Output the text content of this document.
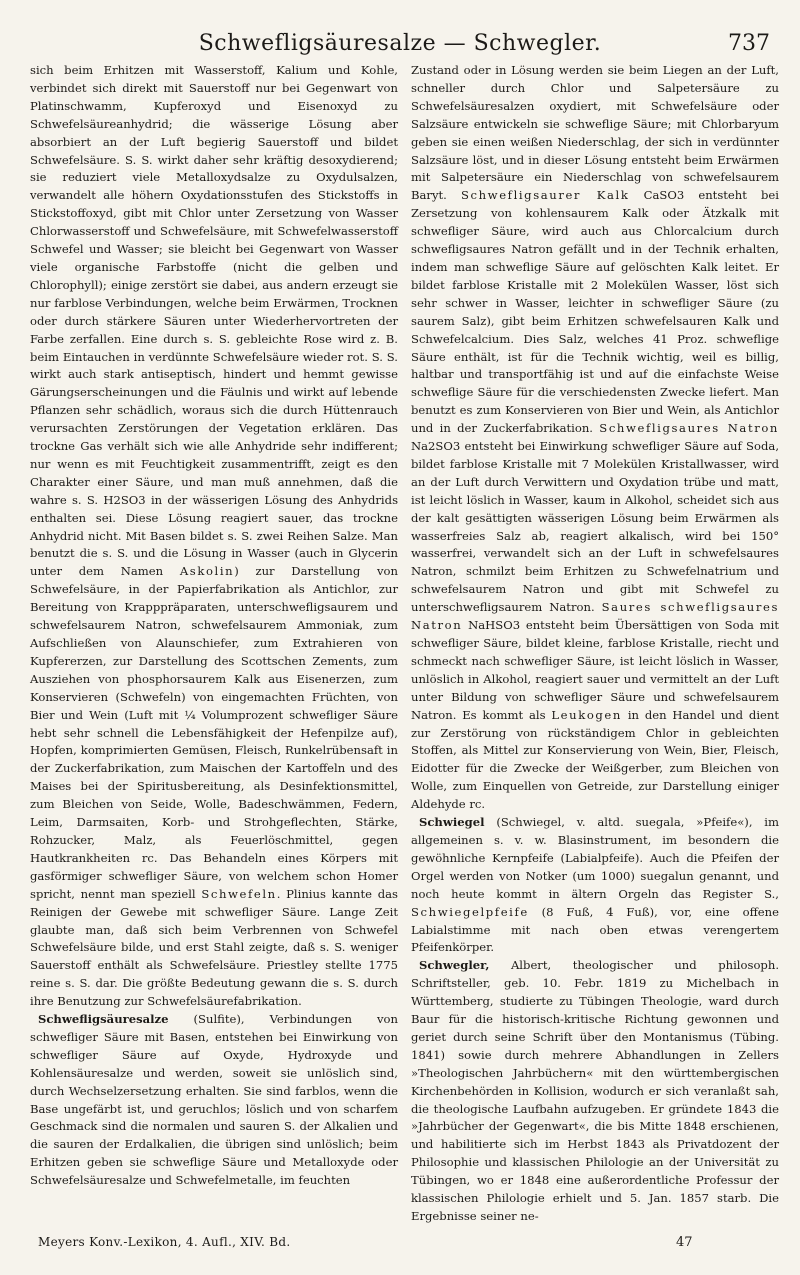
Schwefligsäuresalze — Schwegler.	737

sich beim Erhitzen mit Wasserstoff, Kalium und Kohle, verbindet sich direkt mit Sauerstoff nur bei Gegenwart von Platinschwamm, Kupferoxyd und Eisenoxyd zu Schwefelsäureanhydrid; die wässerige Lösung aber absorbiert an der Luft begierig Sauerstoff und bildet Schwefelsäure. S. S. wirkt daher sehr kräftig desoxydierend; sie reduziert viele Metalloxydsalze zu Oxydulsalzen, verwandelt alle höhern Oxydationsstufen des Stickstoffs in Stickstoffoxyd, gibt mit Chlor unter Zersetzung von Wasser Chlorwasserstoff und Schwefelsäure, mit Schwefelwasserstoff Schwefel und Wasser; sie bleicht bei Gegenwart von Wasser viele organische Farbstoffe (nicht die gelben und Chlorophyll); einige zerstört sie dabei, aus andern erzeugt sie nur farblose Verbindungen, welche beim Erwärmen, Trocknen oder durch stärkere Säuren unter Wiederhervortreten der Farbe zerfallen. Eine durch s. S. gebleichte Rose wird z. B. beim Eintauchen in verdünnte Schwefelsäure wieder rot. S. S. wirkt auch stark antiseptisch, hindert und hemmt gewisse Gärungserscheinungen und die Fäulnis und wirkt auf lebende Pflanzen sehr schädlich, woraus sich die durch Hüttenrauch verursachten Zerstörungen der Vegetation erklären. Das trockne Gas verhält sich wie alle Anhydride sehr indifferent; nur wenn es mit Feuchtigkeit zusammentrifft, zeigt es den Charakter einer Säure, und man muß annehmen, daß die wahre s. S. H2SO3 in der wässerigen Lösung des Anhydrids enthalten sei. Diese Lösung reagiert sauer, das trockne Anhydrid nicht. Mit Basen bildet s. S. zwei Reihen Salze. Man benutzt die s. S. und die Lösung in Wasser (auch in Glycerin unter dem Namen Askolin) zur Darstellung von Schwefelsäure, in der Papierfabrikation als Antichlor, zur Bereitung von Krapppräparaten, unterschwefligsaurem und schwefelsaurem Natron, schwefelsaurem Ammoniak, zum Aufschließen von Alaunschiefer, zum Extrahieren von Kupfererzen, zur Darstellung des Scottschen Zements, zum Ausziehen von phosphorsaurem Kalk aus Eisenerzen, zum Konservieren (Schwefeln) von eingemachten Früchten, von Bier und Wein (Luft mit ¼ Volumprozent schwefliger Säure hebt sehr schnell die Lebensfähigkeit der Hefenpilze auf), Hopfen, komprimierten Gemüsen, Fleisch, Runkelrübensaft in der Zuckerfabrikation, zum Maischen der Kartoffeln und des Maises bei der Spiritusbereitung, als Desinfektionsmittel, zum Bleichen von Seide, Wolle, Badeschwämmen, Federn, Leim, Darmsaiten, Korb- und Strohgeflechten, Stärke, Rohzucker, Malz, als Feuerlöschmittel, gegen Hautkrankheiten rc. Das Behandeln eines Körpers mit gasförmiger schwefliger Säure, von welchem schon Homer spricht, nennt man speziell Schwefeln. Plinius kannte das Reinigen der Gewebe mit schwefliger Säure. Lange Zeit glaubte man, daß sich beim Verbrennen von Schwefel Schwefelsäure bilde, und erst Stahl zeigte, daß s. S. weniger Sauerstoff enthält als Schwefelsäure. Priestley stellte 1775 reine s. S. dar. Die größte Bedeutung gewann die s. S. durch ihre Benutzung zur Schwefelsäurefabrikation.

Schwefligsäuresalze (Sulfite), Verbindungen von schwefliger Säure mit Basen, entstehen bei Einwirkung von schwefliger Säure auf Oxyde, Hydroxyde und Kohlensäuresalze und werden, soweit sie unlöslich sind, durch Wechselzersetzung erhalten. Sie sind farblos, wenn die Base ungefärbt ist, und geruchlos; löslich und von scharfem Geschmack sind die normalen und sauren S. der Alkalien und die sauren der Erdalkalien, die übrigen sind unlöslich; beim Erhitzen geben sie schweflige Säure und Metalloxyde oder Schwefelsäuresalze und Schwefelmetalle, im feuchten

Zustand oder in Lösung werden sie beim Liegen an der Luft, schneller durch Chlor und Salpetersäure zu Schwefelsäuresalzen oxydiert, mit Schwefelsäure oder Salzsäure entwickeln sie schweflige Säure; mit Chlorbaryum geben sie einen weißen Niederschlag, der sich in verdünnter Salzsäure löst, und in dieser Lösung entsteht beim Erwärmen mit Salpetersäure ein Niederschlag von schwefelsaurem Baryt. Schwefligsaurer Kalk CaSO3 entsteht bei Zersetzung von kohlensaurem Kalk oder Ätzkalk mit schwefliger Säure, wird auch aus Chlorcalcium durch schwefligsaures Natron gefällt und in der Technik erhalten, indem man schweflige Säure auf gelöschten Kalk leitet. Er bildet farblose Kristalle mit 2 Molekülen Wasser, löst sich sehr schwer in Wasser, leichter in schwefliger Säure (zu saurem Salz), gibt beim Erhitzen schwefelsauren Kalk und Schwefelcalcium. Dies Salz, welches 41 Proz. schweflige Säure enthält, ist für die Technik wichtig, weil es billig, haltbar und transportfähig ist und auf die einfachste Weise schweflige Säure für die verschiedensten Zwecke liefert. Man benutzt es zum Konservieren von Bier und Wein, als Antichlor und in der Zuckerfabrikation. Schwefligsaures Natron Na2SO3 entsteht bei Einwirkung schwefliger Säure auf Soda, bildet farblose Kristalle mit 7 Molekülen Kristallwasser, wird an der Luft durch Verwittern und Oxydation trübe und matt, ist leicht löslich in Wasser, kaum in Alkohol, scheidet sich aus der kalt gesättigten wässerigen Lösung beim Erwärmen als wasserfreies Salz ab, reagiert alkalisch, wird bei 150° wasserfrei, verwandelt sich an der Luft in schwefelsaures Natron, schmilzt beim Erhitzen zu Schwefelnatrium und schwefelsaurem Natron und gibt mit Schwefel zu unterschwefligsaurem Natron. Saures schwefligsaures Natron NaHSO3 entsteht beim Übersättigen von Soda mit schwefliger Säure, bildet kleine, farblose Kristalle, riecht und schmeckt nach schwefliger Säure, ist leicht löslich in Wasser, unlöslich in Alkohol, reagiert sauer und vermittelt an der Luft unter Bildung von schwefliger Säure und schwefelsaurem Natron. Es kommt als Leukogen in den Handel und dient zur Zerstörung von rückständigem Chlor in gebleichten Stoffen, als Mittel zur Konservierung von Wein, Bier, Fleisch, Eidotter für die Zwecke der Weißgerber, zum Bleichen von Wolle, zum Einquellen von Getreide, zur Darstellung einiger Aldehyde rc.

Schwiegel (Schwiegel, v. altd. suegala, »Pfeife«), im allgemeinen s. v. w. Blasinstrument, im besondern die gewöhnliche Kernpfeife (Labialpfeife). Auch die Pfeifen der Orgel werden von Notker (um 1000) suegalun genannt, und noch heute kommt in ältern Orgeln das Register S., Schwiegelpfeife (8 Fuß, 4 Fuß), vor, eine offene Labialstimme mit nach oben etwas verengertem Pfeifenkörper.

Schwegler, Albert, theologischer und philosoph. Schriftsteller, geb. 10. Febr. 1819 zu Michelbach in Württemberg, studierte zu Tübingen Theologie, ward durch Baur für die historisch-kritische Richtung gewonnen und geriet durch seine Schrift über den Montanismus (Tübing. 1841) sowie durch mehrere Abhandlungen in Zellers »Theologischen Jahrbüchern« mit den württembergischen Kirchenbehörden in Kollision, wodurch er sich veranlaßt sah, die theologische Laufbahn aufzugeben. Er gründete 1843 die »Jahrbücher der Gegenwart«, die bis Mitte 1848 erschienen, und habilitierte sich im Herbst 1843 als Privatdozent der Philosophie und klassischen Philologie an der Universität zu Tübingen, wo er 1848 eine außerordentliche Professur der klassischen Philologie erhielt und 5. Jan. 1857 starb. Die Ergebnisse seiner ne-

Meyers Konv.-Lexikon, 4. Aufl., XIV. Bd.	47
